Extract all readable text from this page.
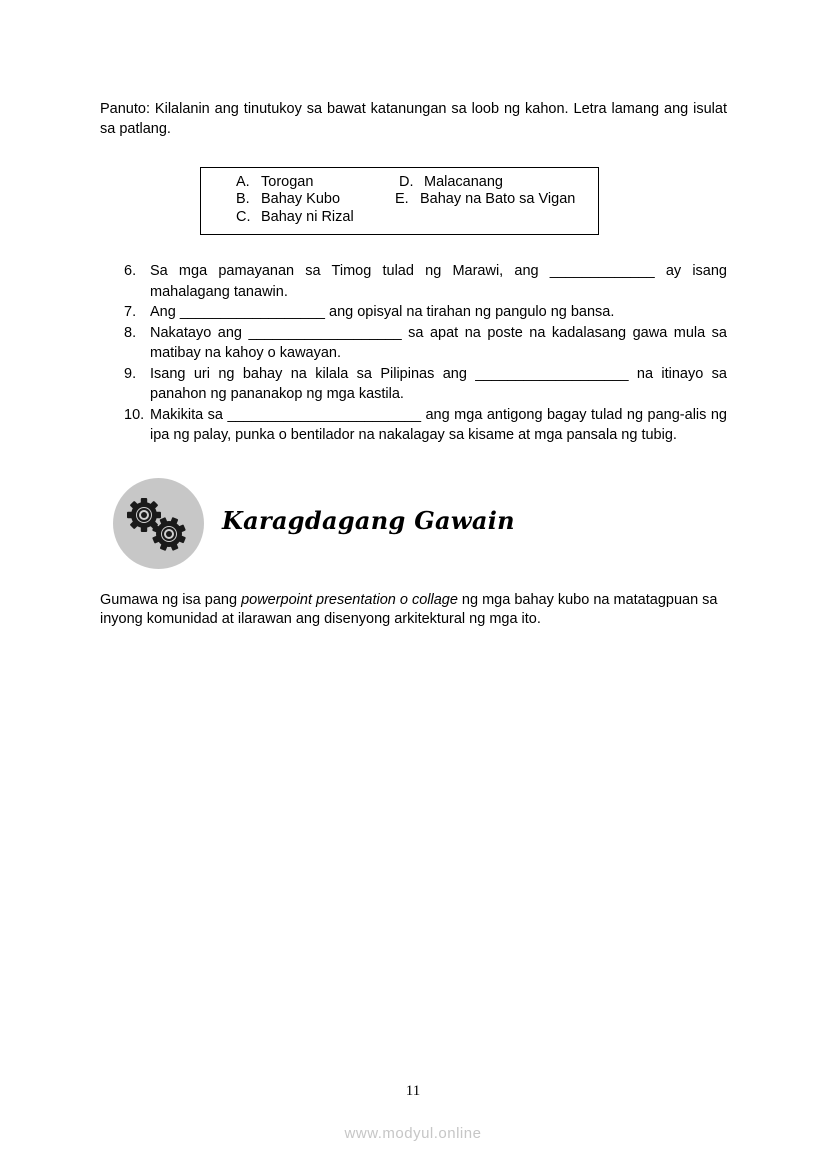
Panuto: Kilalanin ang tinutukoy sa bawat katanungan sa loob ng kahon. Letra lamang ang isulat sa patlang.

A. Torogan
B. Bahay Kubo
C. Bahay ni Rizal
D. Malacanang
E. Bahay na Bato sa Vigan
6. Sa mga pamayanan sa Timog tulad ng Marawi, ang _____________ ay isang mahalagang tanawin.
7. Ang __________________ ang opisyal na tirahan ng pangulo ng bansa.
8. Nakatayo ang ___________________ sa apat na poste na kadalasang gawa mula sa matibay na kahoy o kawayan.
9. Isang uri ng bahay na kilala sa Pilipinas ang ___________________ na itinayo sa panahon ng pananakop ng mga kastila.
10. Makikita sa ________________________ ang mga antigong bagay tulad ng pang-alis ng ipa ng palay, punka o bentilador na nakalagay sa kisame at mga pansala ng tubig.
Karagdagang Gawain

Gumawa ng isa pang powerpoint presentation o collage ng mga bahay kubo na matatagpuan sa inyong komunidad at ilarawan ang disenyong arkitektural ng mga ito.

11
www.modyul.online
